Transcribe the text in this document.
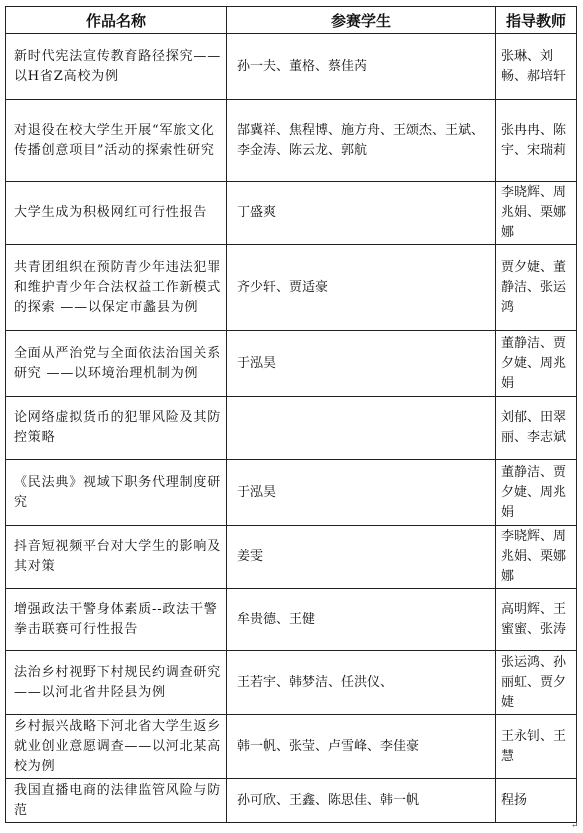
作品名称	参赛学生	指导教师
新时代宪法宣传教育路径探究——以H省Z高校为例	孙一夫、董格、蔡佳芮	张琳、刘畅、郝培轩
对退役在校大学生开展“军旅文化传播创意项目”活动的探索性研究	郜冀祥、焦程博、施方舟、王颂杰、王斌、李金涛、陈云龙、郭航	张冉冉、陈宇、宋瑞莉
大学生成为积极网红可行性报告	丁盛爽	李晓辉、周兆娟、栗娜娜
共青团组织在预防青少年违法犯罪和维护青少年合法权益工作新模式的探索 ——以保定市蠡县为例	齐少轩、贾适豪	贾夕婕、董静洁、张运鸿
全面从严治党与全面依法治国关系研究 ——以环境治理机制为例	于泓昊	董静洁、贾夕婕、周兆娟
论网络虚拟货币的犯罪风险及其防控策略		刘郁、田翠丽、李志斌
《民法典》视域下职务代理制度研究	于泓昊	董静洁、贾夕婕、周兆娟
抖音短视频平台对大学生的影响及其对策	姜雯	李晓辉、周兆娟、栗娜娜
增强政法干警身体素质--政法干警拳击联赛可行性报告	牟贵德、王健	高明辉、王蜜蜜、张涛
法治乡村视野下村规民约调查研究——以河北省井陉县为例	王若宇、韩梦洁、任洪仪、	张运鸿、孙丽虹、贾夕婕
乡村振兴战略下河北省大学生返乡就业创业意愿调查——以河北某高校为例	韩一帆、张莹、卢雪峰、李佳豪	王永钊、王慧
我国直播电商的法律监管风险与防范	孙可欣、王鑫、陈思佳、韩一帆	程扬
↵
